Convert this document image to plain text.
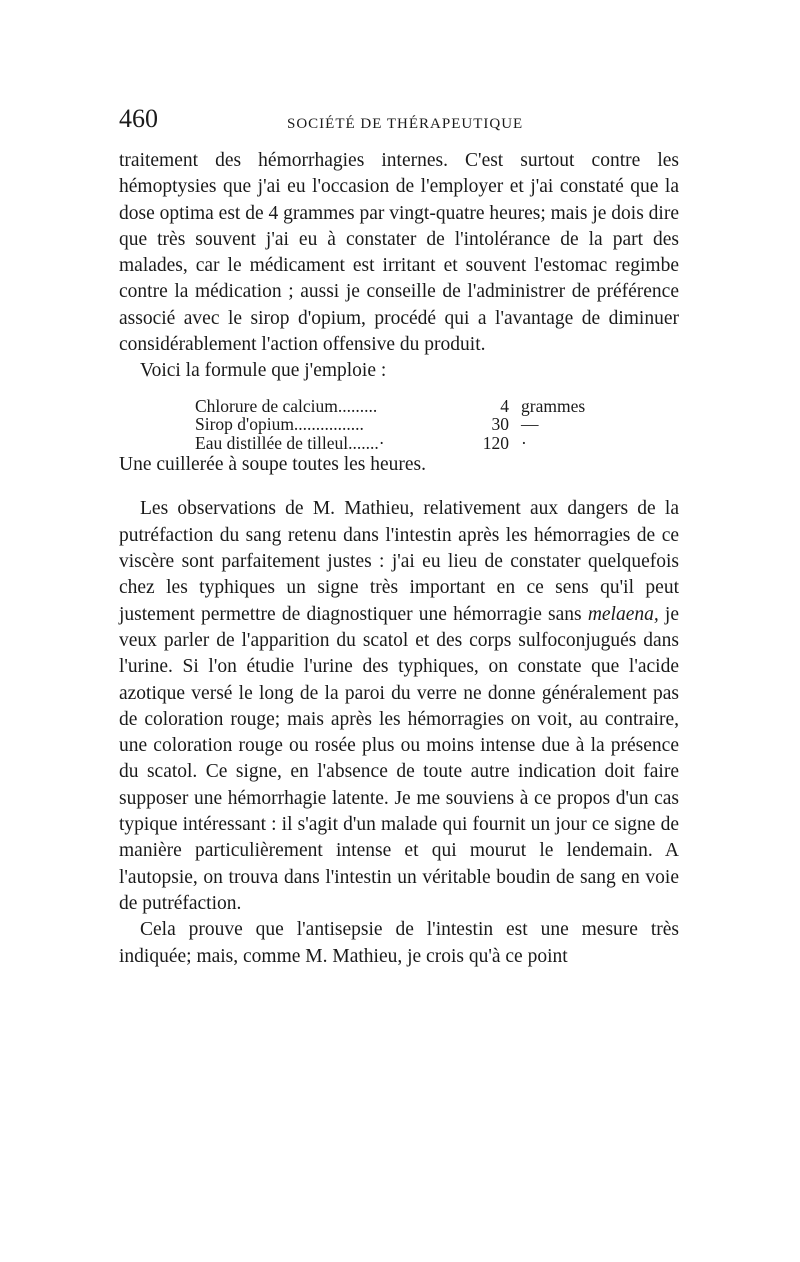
460	SOCIÉTÉ DE THÉRAPEUTIQUE

traitement des hémorrhagies internes. C'est surtout contre les hémoptysies que j'ai eu l'occasion de l'employer et j'ai constaté que la dose optima est de 4 grammes par vingt-quatre heures; mais je dois dire que très souvent j'ai eu à constater de l'intolérance de la part des malades, car le médicament est irritant et souvent l'estomac regimbe contre la médication ; aussi je conseille de l'administrer de préférence associé avec le sirop d'opium, procédé qui a l'avantage de diminuer considérablement l'action offensive du produit.

Voici la formule que j'emploie :

Chlorure de calcium.........	4 grammes
Sirop d'opium................	30 —
Eau distillée de tilleul.......·	120 ·

Une cuillerée à soupe toutes les heures.

Les observations de M. Mathieu, relativement aux dangers de la putréfaction du sang retenu dans l'intestin après les hémorragies de ce viscère sont parfaitement justes : j'ai eu lieu de constater quelquefois chez les typhiques un signe très important en ce sens qu'il peut justement permettre de diagnostiquer une hémorragie sans melaena, je veux parler de l'apparition du scatol et des corps sulfoconjugués dans l'urine. Si l'on étudie l'urine des typhiques, on constate que l'acide azotique versé le long de la paroi du verre ne donne généralement pas de coloration rouge; mais après les hémorragies on voit, au contraire, une coloration rouge ou rosée plus ou moins intense due à la présence du scatol. Ce signe, en l'absence de toute autre indication doit faire supposer une hémorrhagie latente. Je me souviens à ce propos d'un cas typique intéressant : il s'agit d'un malade qui fournit un jour ce signe de manière particulièrement intense et qui mourut le lendemain. A l'autopsie, on trouva dans l'intestin un véritable boudin de sang en voie de putréfaction.

Cela prouve que l'antisepsie de l'intestin est une mesure très indiquée; mais, comme M. Mathieu, je crois qu'à ce point
